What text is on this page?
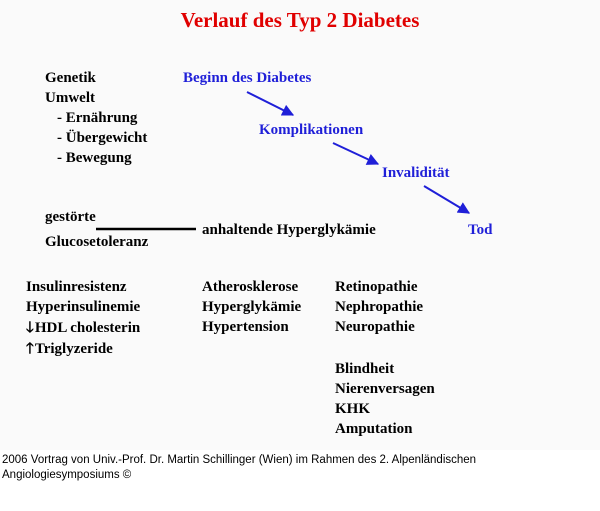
Verlauf des Typ 2 Diabetes
Genetik
Umwelt
- Ernährung
- Übergewicht
- Bewegung
Beginn des Diabetes
Komplikationen
Invalidität
Tod
gestörte
Glucosetoleranz
anhaltende Hyperglykämie
Insulinresistenz
Hyperinsulinemie
🡓HDL cholesterin
🡑Triglyzeride
Atherosklerose
Hyperglykämie
Hypertension
Retinopathie
Nephropathie
Neuropathie
Blindheit
Nierenversagen
KHK
Amputation
2006 Vortrag von Univ.-Prof. Dr. Martin Schillinger (Wien) im Rahmen des 2. Alpenländischen
Angiologiesymposiums ©
